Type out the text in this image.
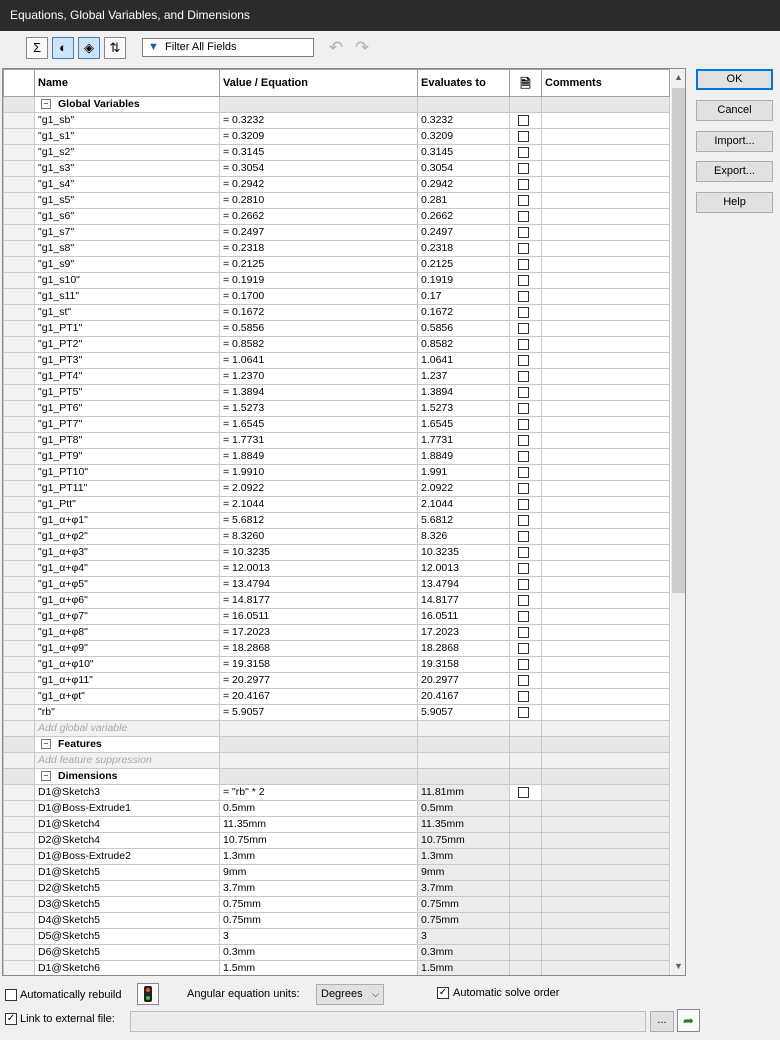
Equations, Global Variables, and Dimensions
Σ	◐	◈	⇅	▼ Filter All Fields	↶ ↷
	Name	Value / Equation	Evaluates to	🗎	Comments
	− Global Variables				
	"g1_sb"	= 0.3232	0.3232		
	"g1_s1"	= 0.3209	0.3209		
	"g1_s2"	= 0.3145	0.3145		
	"g1_s3"	= 0.3054	0.3054		
	"g1_s4"	= 0.2942	0.2942		
	"g1_s5"	= 0.2810	0.281		
	"g1_s6"	= 0.2662	0.2662		
	"g1_s7"	= 0.2497	0.2497		
	"g1_s8"	= 0.2318	0.2318		
	"g1_s9"	= 0.2125	0.2125		
	"g1_s10"	= 0.1919	0.1919		
	"g1_s11"	= 0.1700	0.17		
	"g1_st"	= 0.1672	0.1672		
	"g1_PT1"	= 0.5856	0.5856		
	"g1_PT2"	= 0.8582	0.8582		
	"g1_PT3"	= 1.0641	1.0641		
	"g1_PT4"	= 1.2370	1.237		
	"g1_PT5"	= 1.3894	1.3894		
	"g1_PT6"	= 1.5273	1.5273		
	"g1_PT7"	= 1.6545	1.6545		
	"g1_PT8"	= 1.7731	1.7731		
	"g1_PT9"	= 1.8849	1.8849		
	"g1_PT10"	= 1.9910	1.991		
	"g1_PT11"	= 2.0922	2.0922		
	"g1_Ptt"	= 2.1044	2.1044		
	"g1_α+φ1"	= 5.6812	5.6812		
	"g1_α+φ2"	= 8.3260	8.326		
	"g1_α+φ3"	= 10.3235	10.3235		
	"g1_α+φ4"	= 12.0013	12.0013		
	"g1_α+φ5"	= 13.4794	13.4794		
	"g1_α+φ6"	= 14.8177	14.8177		
	"g1_α+φ7"	= 16.0511	16.0511		
	"g1_α+φ8"	= 17.2023	17.2023		
	"g1_α+φ9"	= 18.2868	18.2868		
	"g1_α+φ10"	= 19.3158	19.3158		
	"g1_α+φ11"	= 20.2977	20.2977		
	"g1_α+φt"	= 20.4167	20.4167		
	"rb"	= 5.9057	5.9057		
	Add global variable				
	− Features				
	Add feature suppression				
	− Dimensions				
	D1@Sketch3	= "rb" * 2	11.81mm		
	D1@Boss-Extrude1	0.5mm	0.5mm		
	D1@Sketch4	11.35mm	11.35mm		
	D2@Sketch4	10.75mm	10.75mm		
	D1@Boss-Extrude2	1.3mm	1.3mm		
	D1@Sketch5	9mm	9mm		
	D2@Sketch5	3.7mm	3.7mm		
	D3@Sketch5	0.75mm	0.75mm		
	D4@Sketch5	0.75mm	0.75mm		
	D5@Sketch5	3	3		
	D6@Sketch5	0.3mm	0.3mm		
	D1@Sketch6	1.5mm	1.5mm		
▲
▼
OK
Cancel
Import...
Export...
Help
Automatically rebuild	Angular equation units:	Degrees ⌵	✓ Automatic solve order
✓ Link to external file:	...	➦
